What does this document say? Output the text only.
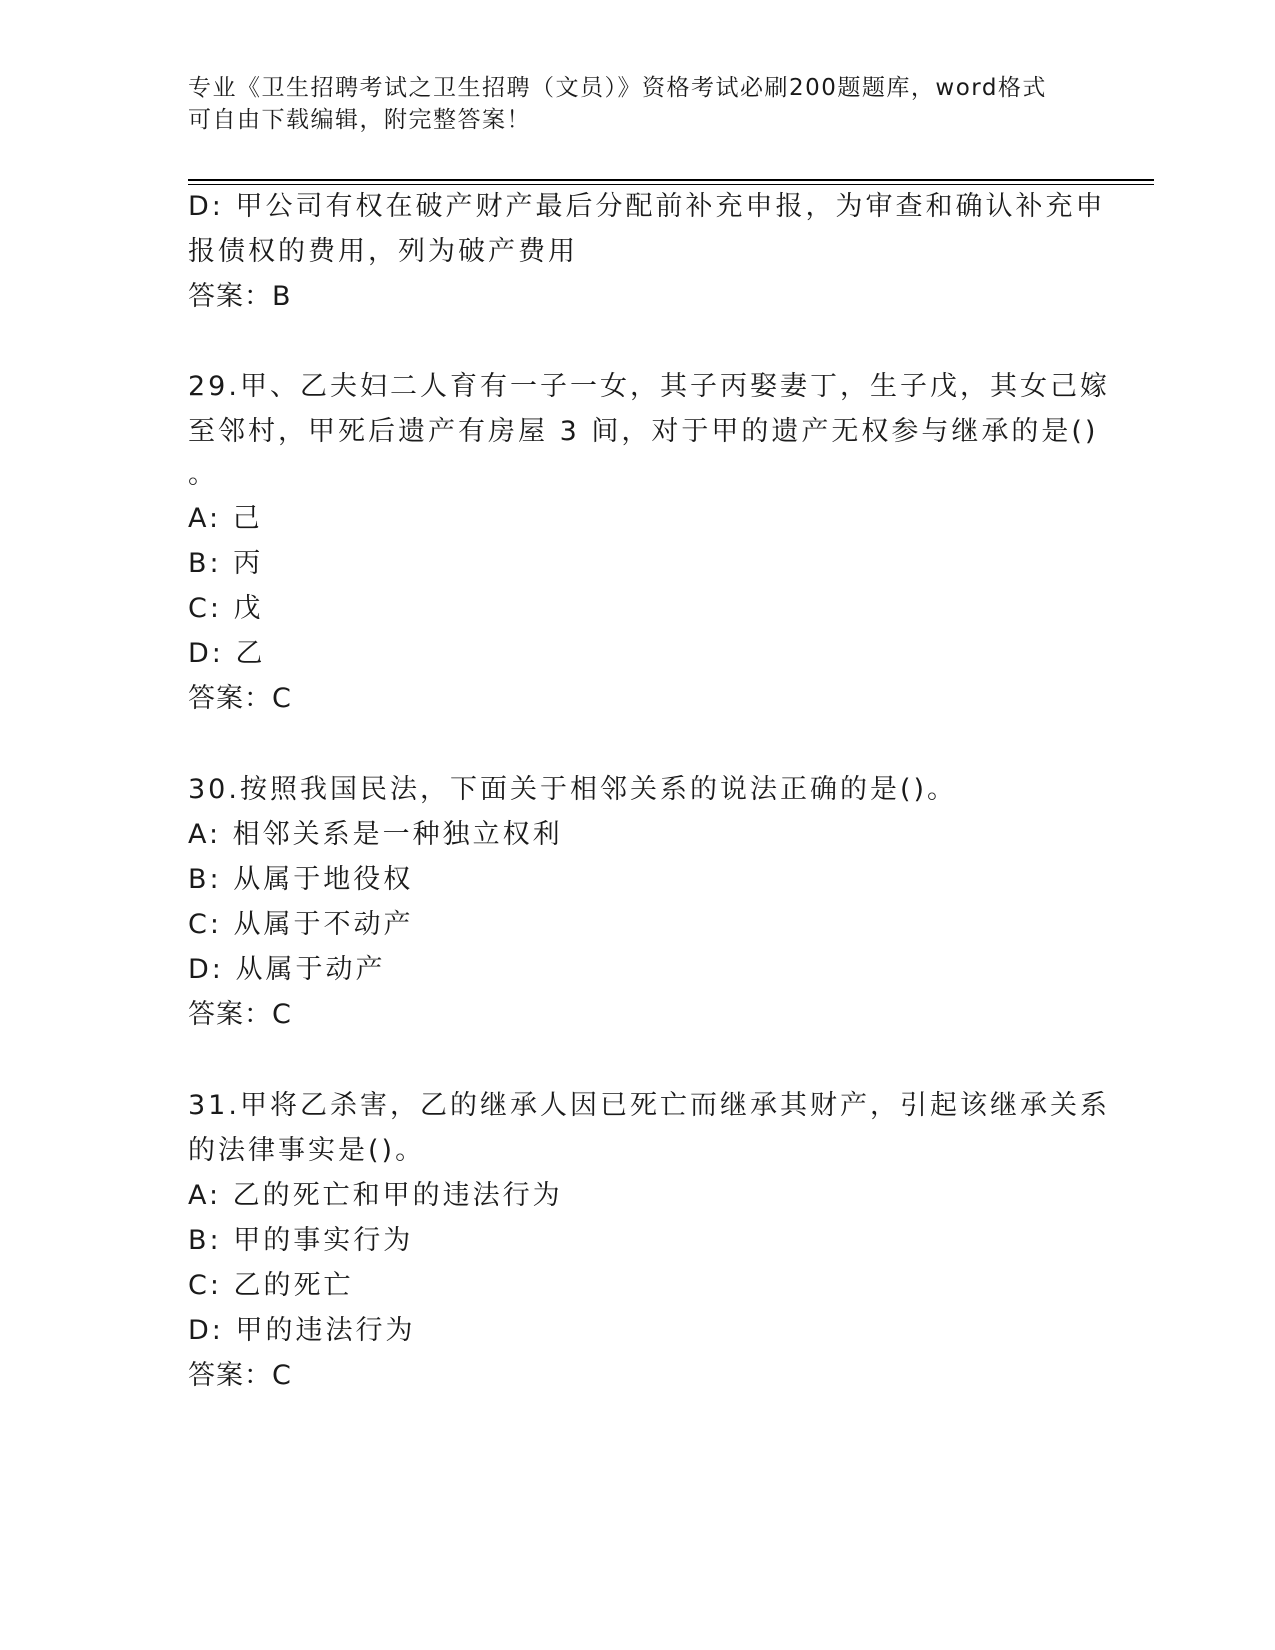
专业《卫生招聘考试之卫生招聘（文员）》资格考试必刷200题题库，word格式
可自由下载编辑，附完整答案！
D: 甲公司有权在破产财产最后分配前补充申报，为审查和确认补充申
报债权的费用，列为破产费用
答案：B
29.甲、乙夫妇二人育有一子一女，其子丙娶妻丁，生子戊，其女己嫁
至邻村，甲死后遗产有房屋 3 间，对于甲的遗产无权参与继承的是()
。
A: 己
B: 丙
C: 戊
D: 乙
答案：C
30.按照我国民法，下面关于相邻关系的说法正确的是()。
A: 相邻关系是一种独立权利
B: 从属于地役权
C: 从属于不动产
D: 从属于动产
答案：C
31.甲将乙杀害，乙的继承人因已死亡而继承其财产，引起该继承关系
的法律事实是()。
A: 乙的死亡和甲的违法行为
B: 甲的事实行为
C: 乙的死亡
D: 甲的违法行为
答案：C
